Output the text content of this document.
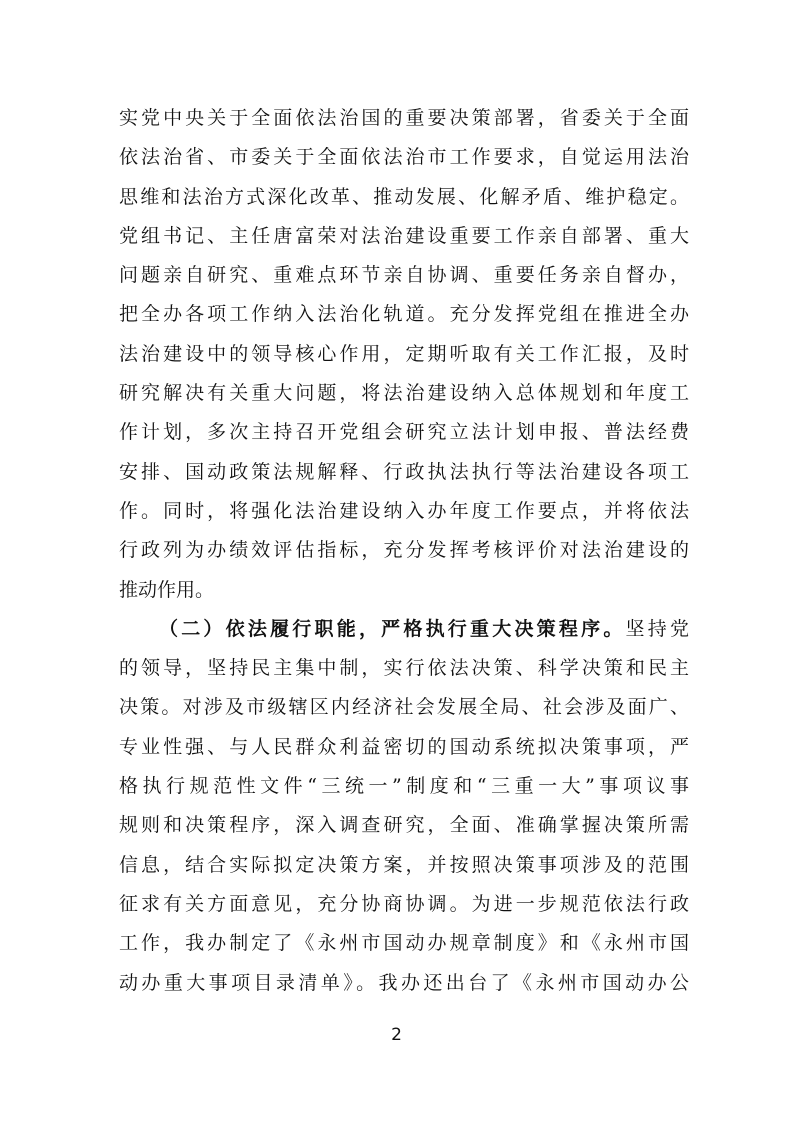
实党中央关于全面依法治国的重要决策部署，省委关于全面
依法治省、市委关于全面依法治市工作要求，自觉运用法治
思维和法治方式深化改革、推动发展、化解矛盾、维护稳定。
党组书记、主任唐富荣对法治建设重要工作亲自部署、重大
问题亲自研究、重难点环节亲自协调、重要任务亲自督办，
把全办各项工作纳入法治化轨道。充分发挥党组在推进全办
法治建设中的领导核心作用，定期听取有关工作汇报，及时
研究解决有关重大问题，将法治建设纳入总体规划和年度工
作计划，多次主持召开党组会研究立法计划申报、普法经费
安排、国动政策法规解释、行政执法执行等法治建设各项工
作。同时，将强化法治建设纳入办年度工作要点，并将依法
行政列为办绩效评估指标，充分发挥考核评价对法治建设的
推动作用。
（二）依法履行职能，严格执行重大决策程序。坚持党
的领导，坚持民主集中制，实行依法决策、科学决策和民主
决策。对涉及市级辖区内经济社会发展全局、社会涉及面广、
专业性强、与人民群众利益密切的国动系统拟决策事项，严
格执行规范性文件“三统一”制度和“三重一大”事项议事
规则和决策程序，深入调查研究，全面、准确掌握决策所需
信息，结合实际拟定决策方案，并按照决策事项涉及的范围
征求有关方面意见，充分协商协调。为进一步规范依法行政
工作，我办制定了《永州市国动办规章制度》和《永州市国
动办重大事项目录清单》。我办还出台了《永州市国动办公
2
